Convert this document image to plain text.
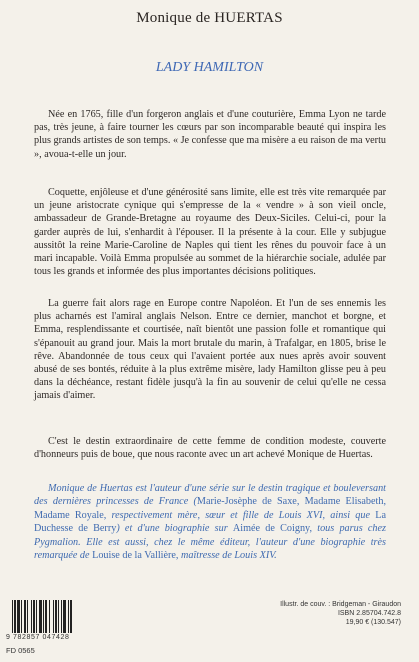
Monique de HUERTAS
LADY HAMILTON

Née en 1765, fille d'un forgeron anglais et d'une couturière, Emma Lyon ne tarde pas, très jeune, à faire tourner les cœurs par son incomparable beauté qui inspira les plus grands artistes de son temps. « Je confesse que ma misère a eu raison de ma vertu », avoua-t-elle un jour.

Coquette, enjôleuse et d'une générosité sans limite, elle est très vite remarquée par un jeune aristocrate cynique qui s'empresse de la « vendre » à son vieil oncle, ambassadeur de Grande-Bretagne au royaume des Deux-Siciles. Celui-ci, pour la garder auprès de lui, s'enhardit à l'épouser. Il la présente à la cour. Elle y subjugue aussitôt la reine Marie-Caroline de Naples qui tient les rênes du pouvoir face à un mari incapable. Voilà Emma propulsée au sommet de la hiérarchie sociale, adulée par tous les grands et informée des plus importantes décisions politiques.

La guerre fait alors rage en Europe contre Napoléon. Et l'un de ses ennemis les plus acharnés est l'amiral anglais Nelson. Entre ce dernier, manchot et borgne, et Emma, resplendissante et courtisée, naît bientôt une passion folle et romantique qui s'épanouit au grand jour. Mais la mort brutale du marin, à Trafalgar, en 1805, brise le rêve. Abandonnée de tous ceux qui l'avaient portée aux nues après avoir souvent abusé de ses bontés, réduite à la plus extrême misère, lady Hamilton glisse peu à peu dans la déchéance, restant fidèle jusqu'à la fin au souvenir de celui qu'elle ne cessa jamais d'aimer.

C'est le destin extraordinaire de cette femme de condition modeste, couverte d'honneurs puis de boue, que nous raconte avec un art achevé Monique de Huertas.

Monique de Huertas est l'auteur d'une série sur le destin tragique et bouleversant des dernières princesses de France (Marie-Josèphe de Saxe, Madame Elisabeth, Madame Royale, respectivement mère, sœur et fille de Louis XVI, ainsi que La Duchesse de Berry) et d'une biographie sur Aimée de Coigny, tous parus chez Pygmalion. Elle est aussi, chez le même éditeur, l'auteur d'une biographie très remarquée de Louise de la Vallière, maîtresse de Louis XIV.

9 782857 047428
FD 0565
Illustr. de couv. : Bridgeman - Giraudon
ISBN 2.85704.742.8
19,90 € (130.547)
